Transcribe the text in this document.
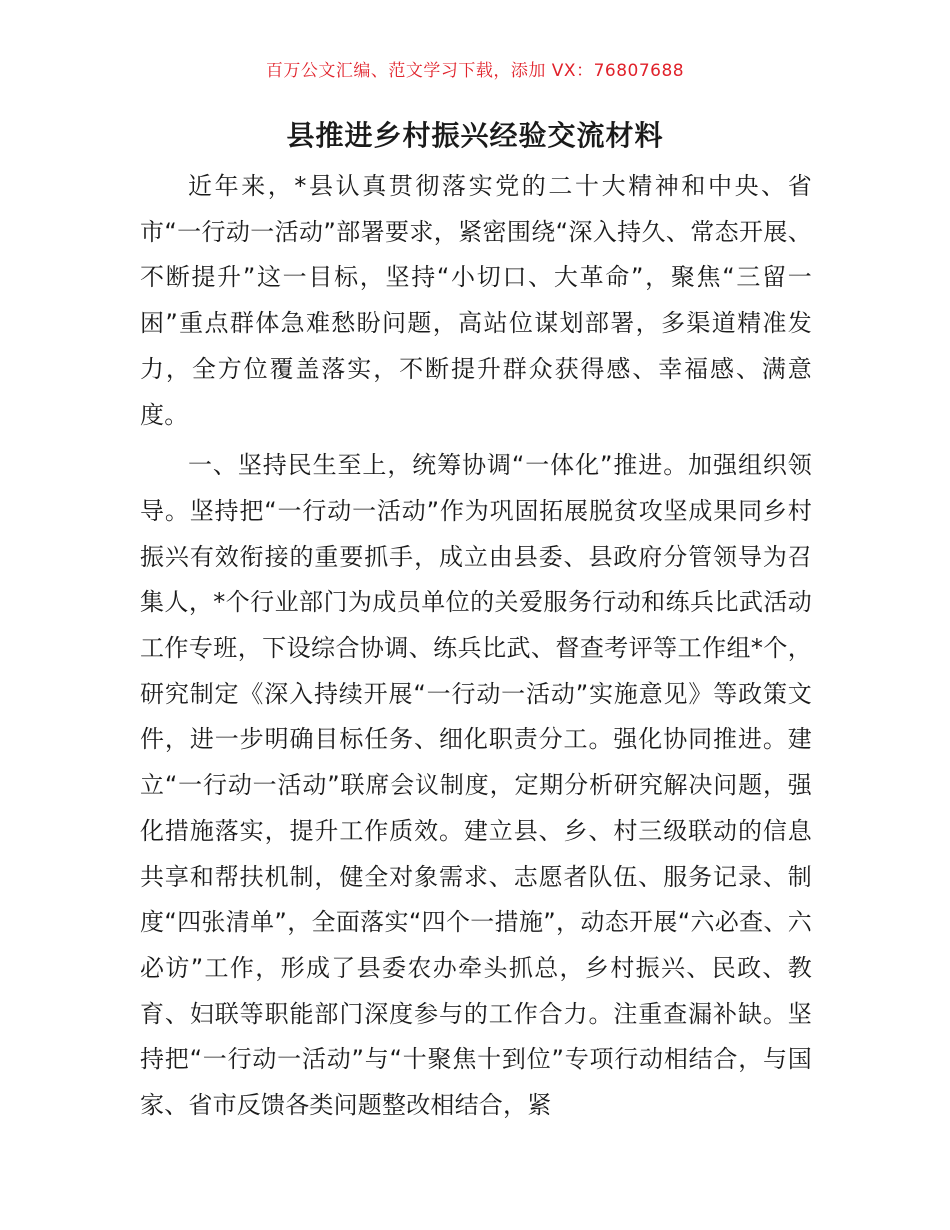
百万公文汇编、范文学习下载，添加 VX：76807688
县推进乡村振兴经验交流材料

近年来，*县认真贯彻落实党的二十大精神和中央、省市“一行动一活动”部署要求，紧密围绕“深入持久、常态开展、不断提升”这一目标，坚持“小切口、大革命”，聚焦“三留一困”重点群体急难愁盼问题，高站位谋划部署，多渠道精准发力，全方位覆盖落实，不断提升群众获得感、幸福感、满意度。

一、坚持民生至上，统筹协调“一体化”推进。加强组织领导。坚持把“一行动一活动”作为巩固拓展脱贫攻坚成果同乡村振兴有效衔接的重要抓手，成立由县委、县政府分管领导为召集人，*个行业部门为成员单位的关爱服务行动和练兵比武活动工作专班，下设综合协调、练兵比武、督查考评等工作组*个，研究制定《深入持续开展“一行动一活动”实施意见》等政策文件，进一步明确目标任务、细化职责分工。强化协同推进。建立“一行动一活动”联席会议制度，定期分析研究解决问题，强化措施落实，提升工作质效。建立县、乡、村三级联动的信息共享和帮扶机制，健全对象需求、志愿者队伍、服务记录、制度“四张清单”，全面落实“四个一措施”，动态开展“六必查、六必访”工作，形成了县委农办牵头抓总，乡村振兴、民政、教育、妇联等职能部门深度参与的工作合力。注重查漏补缺。坚持把“一行动一活动”与“十聚焦十到位”专项行动相结合，与国家、省市反馈各类问题整改相结合，紧
